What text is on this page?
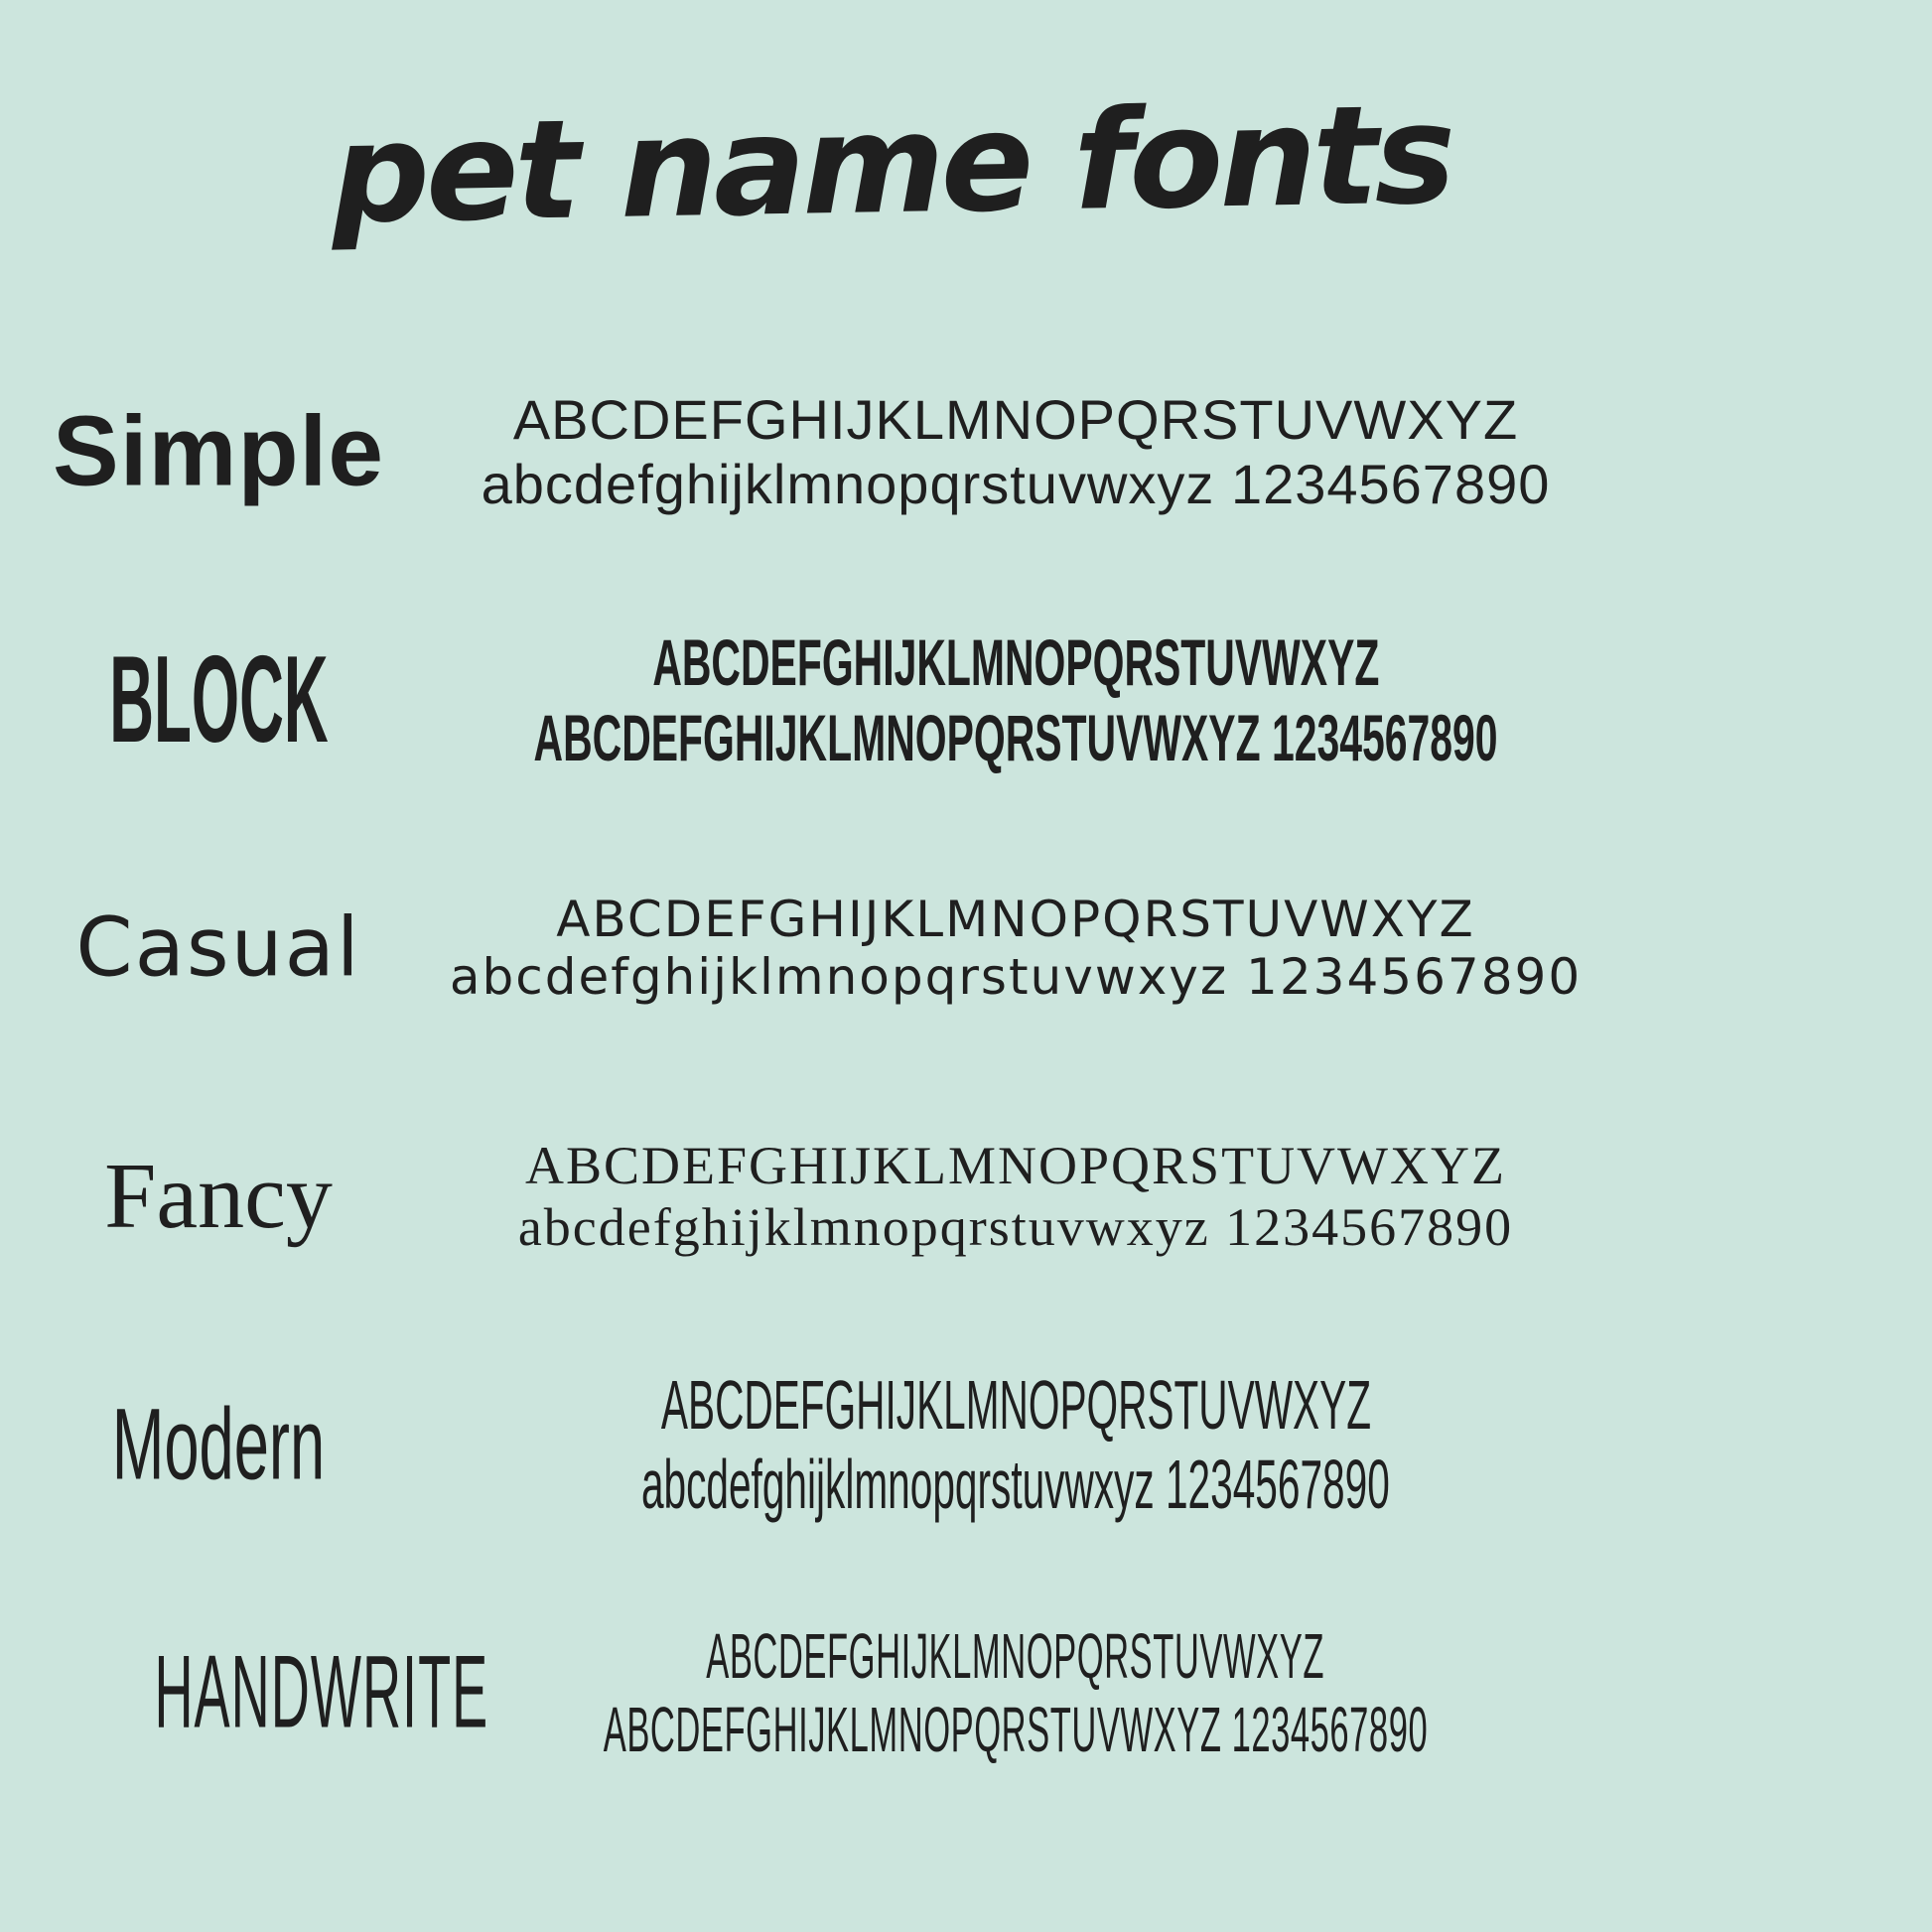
pet name fonts
Simple	ABCDEFGHIJKLMNOPQRSTUVWXYZ
abcdefghijklmnopqrstuvwxyz 1234567890
BLOCK	ABCDEFGHIJKLMNOPQRSTUVWXYZ
ABCDEFGHIJKLMNOPQRSTUVWXYZ 1234567890
Casual	ABCDEFGHIJKLMNOPQRSTUVWXYZ
abcdefghijklmnopqrstuvwxyz 1234567890
Fancy	ABCDEFGHIJKLMNOPQRSTUVWXYZ
abcdefghijklmnopqrstuvwxyz 1234567890
Modern	ABCDEFGHIJKLMNOPQRSTUVWXYZ
abcdefghijklmnopqrstuvwxyz 1234567890
HANDWRITE	ABCDEFGHIJKLMNOPQRSTUVWXYZ
ABCDEFGHIJKLMNOPQRSTUVWXYZ 1234567890
